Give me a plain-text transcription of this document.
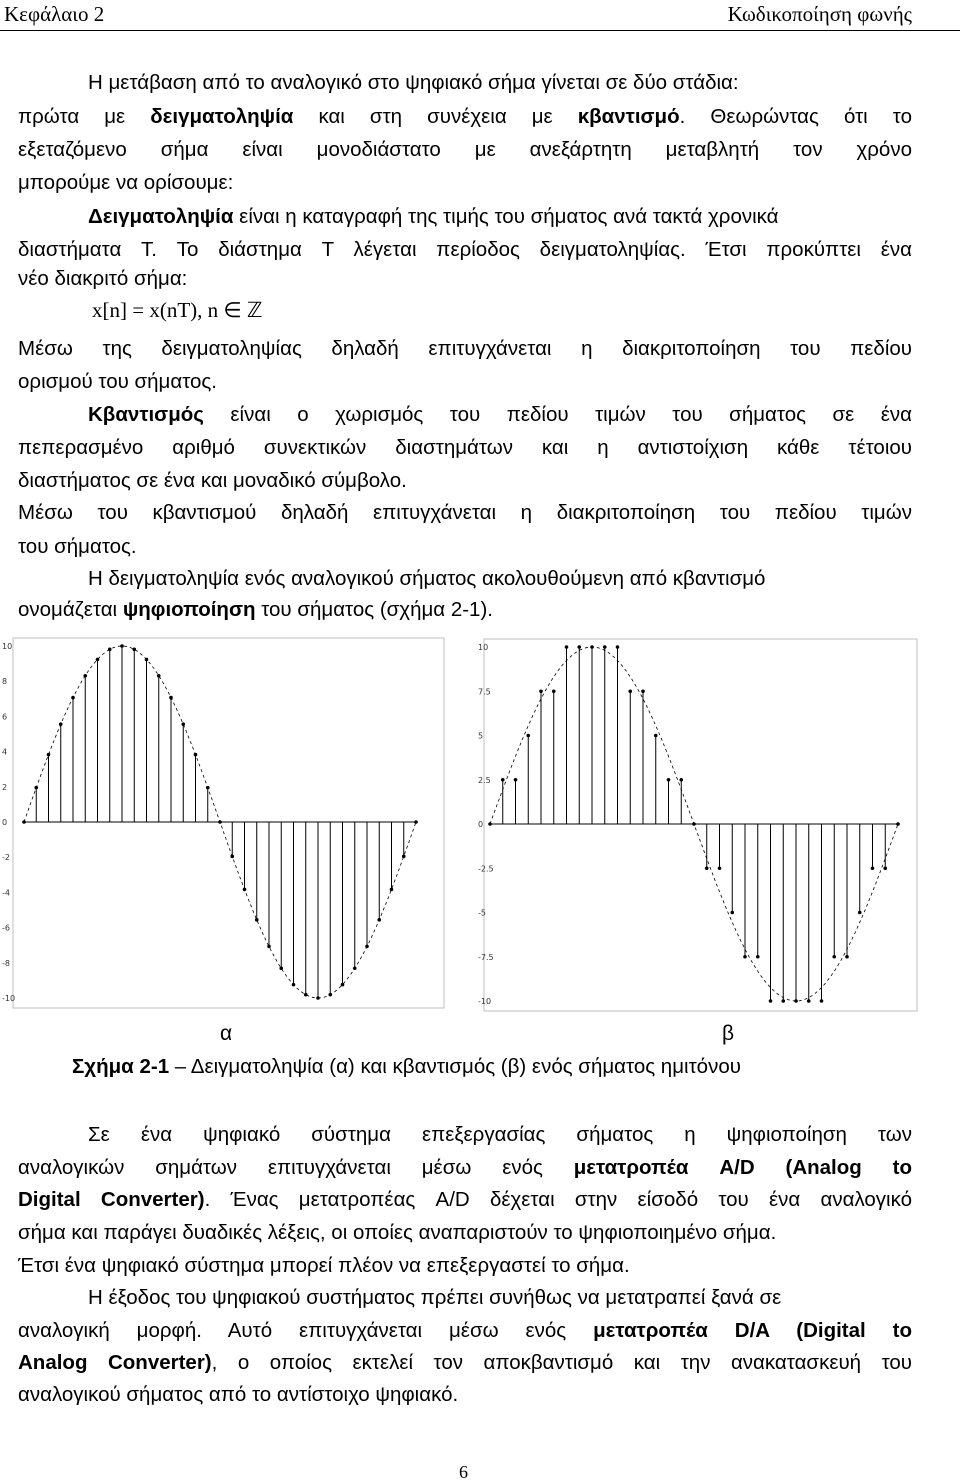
Κεφάλαιο 2	Κωδικοποίηση φωνής
Η μετάβαση από το αναλογικό στο ψηφιακό σήμα γίνεται σε δύο στάδια:
πρώτα με δειγματοληψία και στη συνέχεια με κβαντισμό. Θεωρώντας ότι το
εξεταζόμενο σήμα είναι μονοδιάστατο με ανεξάρτητη μεταβλητή τον χρόνο
μπορούμε να ορίσουμε:
Δειγματοληψία είναι η καταγραφή της τιμής του σήματος ανά τακτά χρονικά
διαστήματα T. Το διάστημα T λέγεται περίοδος δειγματοληψίας. Έτσι προκύπτει ένα
νέο διακριτό σήμα:
Μέσω της δειγματοληψίας δηλαδή επιτυγχάνεται η διακριτοποίηση του πεδίου
ορισμού του σήματος.
Κβαντισμός είναι ο χωρισμός του πεδίου τιμών του σήματος σε ένα
πεπερασμένο αριθμό συνεκτικών διαστημάτων και η αντιστοίχιση κάθε τέτοιου
διαστήματος σε ένα και μοναδικό σύμβολο.
Μέσω του κβαντισμού δηλαδή επιτυγχάνεται η διακριτοποίηση του πεδίου τιμών
του σήματος.
Η δειγματοληψία ενός αναλογικού σήματος ακολουθούμενη από κβαντισμό
ονομάζεται ψηφιοποίηση του σήματος (σχήμα 2-1).
Σε ένα ψηφιακό σύστημα επεξεργασίας σήματος η ψηφιοποίηση των
αναλογικών σημάτων επιτυγχάνεται μέσω ενός μετατροπέα A/D (Analog to
Digital Converter). Ένας μετατροπέας A/D δέχεται στην είσοδό του ένα αναλογικό
σήμα και παράγει δυαδικές λέξεις, οι οποίες αναπαριστούν το ψηφιοποιημένο σήμα.
Έτσι ένα ψηφιακό σύστημα μπορεί πλέον να επεξεργαστεί το σήμα.
Η έξοδος του ψηφιακού συστήματος πρέπει συνήθως να μετατραπεί ξανά σε
αναλογική μορφή. Αυτό επιτυγχάνεται μέσω ενός μετατροπέα D/A (Digital to
Analog Converter), ο οποίος εκτελεί τον αποκβαντισμό και την ανακατασκευή του
αναλογικού σήματος από το αντίστοιχο ψηφιακό.
x[n] = x(nT), n ∈ ℤ
10
8
6
4
2
0
-2
-4
-6
-8
-10
10
7.5
5
2.5
0
-2.5
-5
-7.5
-10
α	β
Σχήμα 2-1 – Δειγματοληψία (α) και κβαντισμός (β) ενός σήματος ημιτόνου
6
